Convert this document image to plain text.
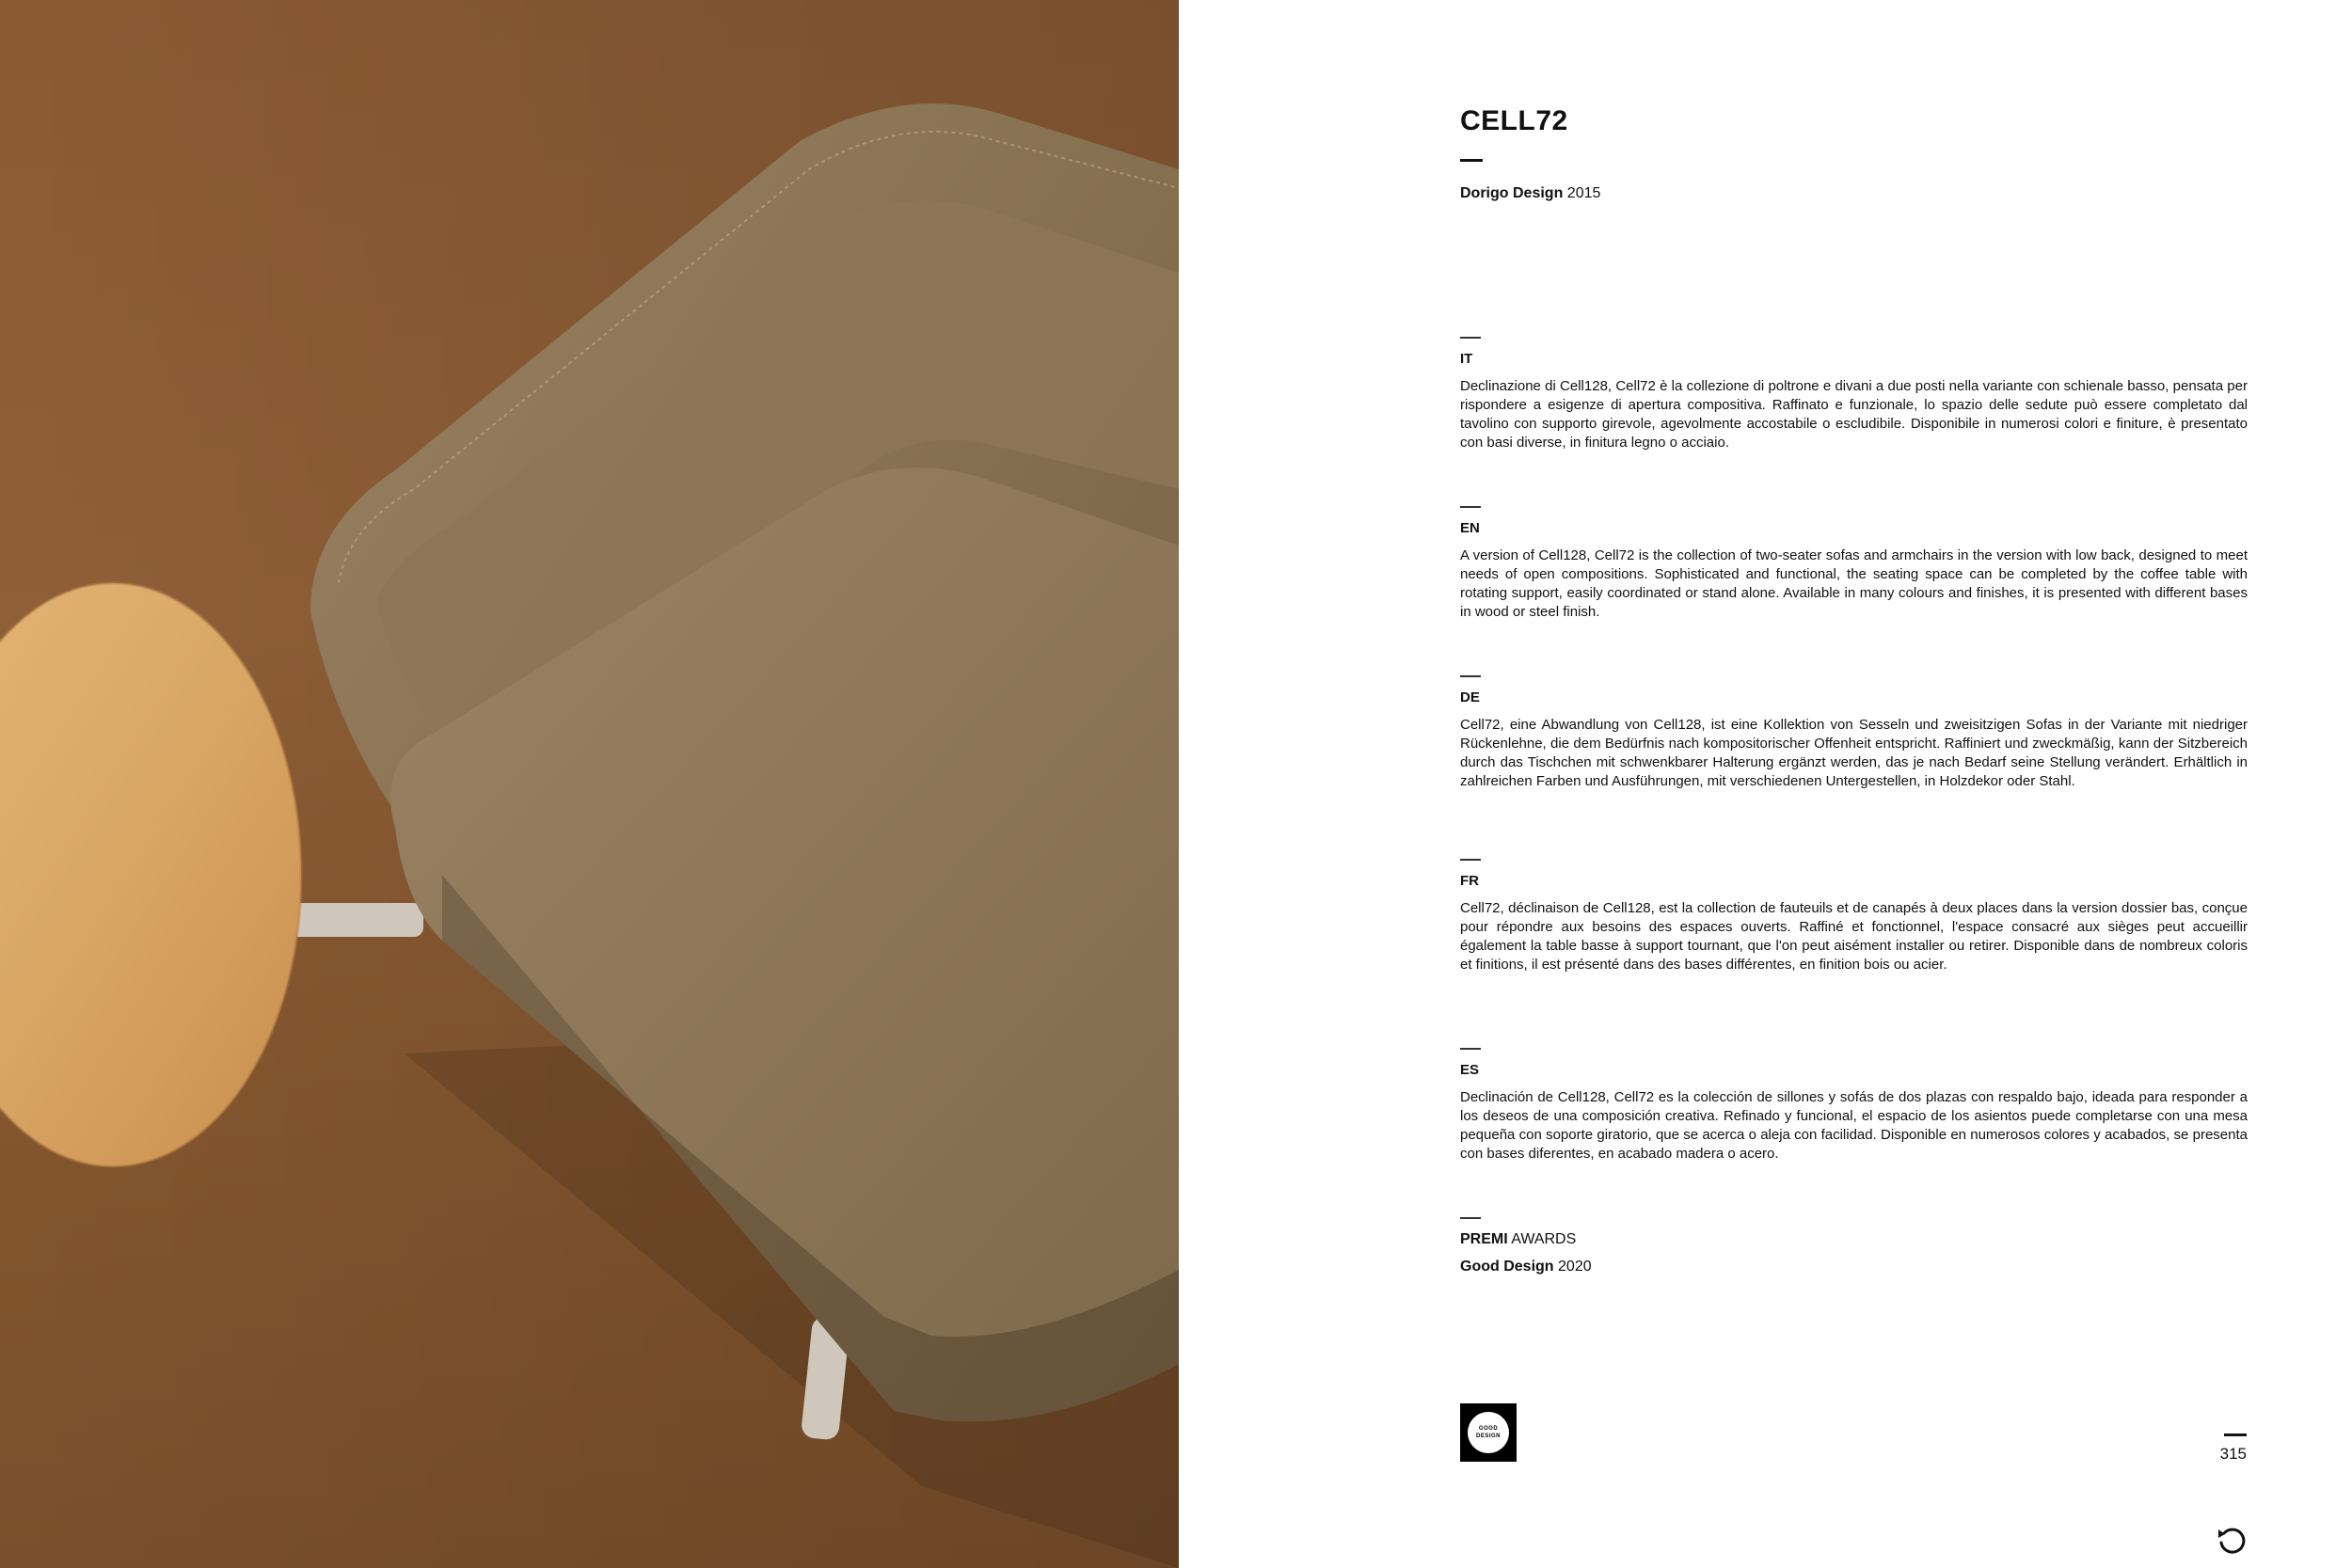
CELL72
Dorigo Design 2015
IT
Declinazione di Cell128, Cell72 è la collezione di poltrone e divani a due posti nella variante con schienale basso, pensata per rispondere a esigenze di apertura compositiva. Raffinato e funzionale, lo spazio delle sedute può essere completato dal tavolino con supporto girevole, agevolmente accostabile o escludibile. Disponibile in numerosi colori e finiture, è presentato con basi diverse, in finitura legno o acciaio.
EN
A version of Cell128, Cell72 is the collection of two-seater sofas and armchairs in the version with low back, designed to meet needs of open compositions. Sophisticated and functional, the seating space can be completed by the coffee table with rotating support, easily coordinated or stand alone. Available in many colours and finishes, it is presented with different bases in wood or steel finish.
DE
Cell72, eine Abwandlung von Cell128, ist eine Kollektion von Sesseln und zweisitzigen Sofas in der Variante mit niedriger Rückenlehne, die dem Bedürfnis nach kompositorischer Offenheit entspricht. Raffiniert und zweckmäßig, kann der Sitzbereich durch das Tischchen mit schwenkbarer Halterung ergänzt werden, das je nach Bedarf seine Stellung verändert. Erhältlich in zahlreichen Farben und Ausführungen, mit verschiedenen Untergestellen, in Holzdekor oder Stahl.
FR
Cell72, déclinaison de Cell128, est la collection de fauteuils et de canapés à deux places dans la version dossier bas, conçue pour répondre aux besoins des espaces ouverts. Raffiné et fonctionnel, l'espace consacré aux sièges peut accueillir également la table basse à support tournant, que l'on peut aisément installer ou retirer. Disponible dans de nombreux coloris et finitions, il est présenté dans des bases différentes, en finition bois ou acier.
ES
Declinación de Cell128, Cell72 es la colección de sillones y sofás de dos plazas con respaldo bajo, ideada para responder a los deseos de una composición creativa. Refinado y funcional, el espacio de los asientos puede completarse con una mesa pequeña con soporte giratorio, que se acerca o aleja con facilidad. Disponible en numerosos colores y acabados, se presenta con bases diferentes, en acabado madera o acero.
PREMI AWARDS
Good Design 2020
GOOD
DESIGN
315
